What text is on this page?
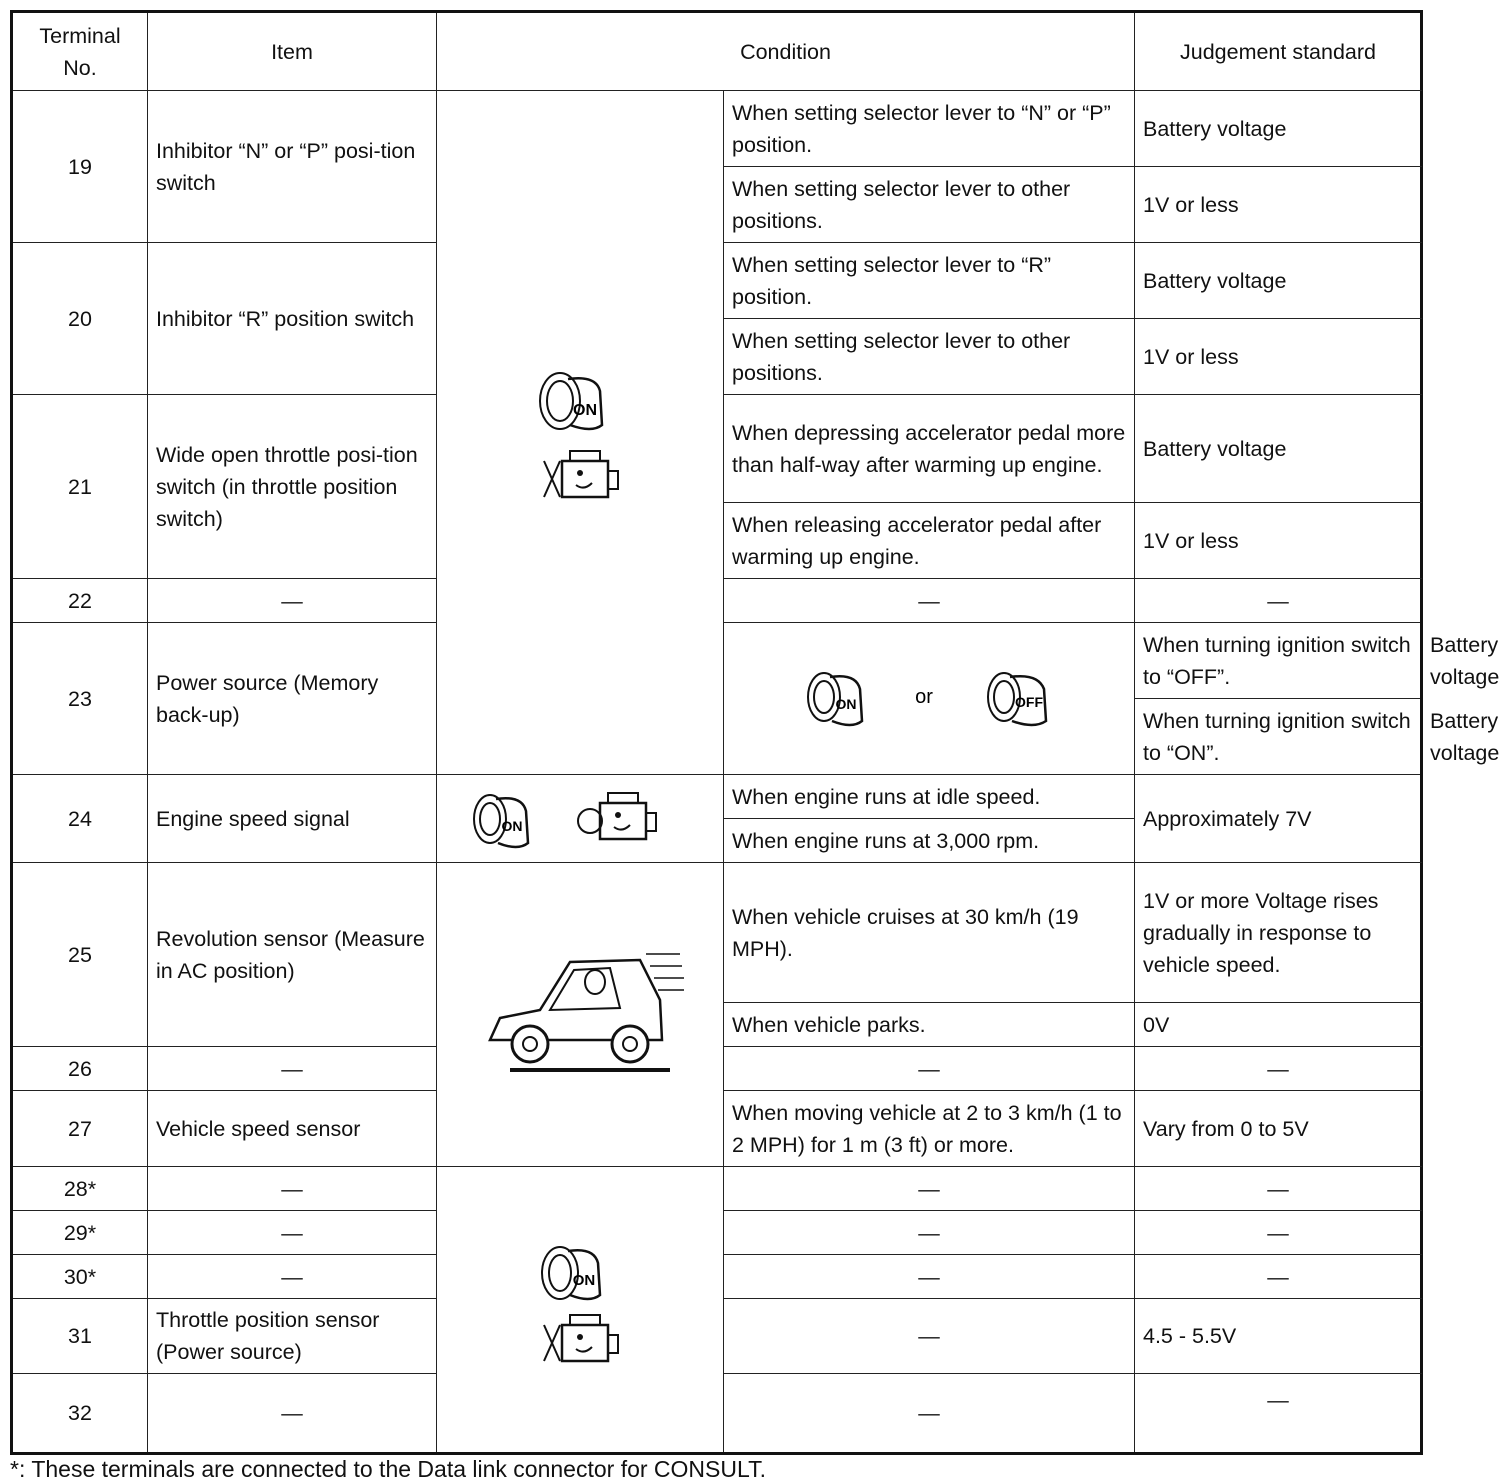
Terminal No.	Item	Condition		Judgement standard	
19	Inhibitor “N” or “P” posi-tion switch	ON	When setting selector lever to “N” or “P” position.	Battery voltage	
			When setting selector lever to other positions.	1V or less	
20	Inhibitor “R” position switch		When setting selector lever to “R” position.	Battery voltage	
			When setting selector lever to other positions.	1V or less	
21	Wide open throttle posi-tion switch (in throttle position switch)		When depressing accelerator pedal more than half-way after warming up engine.	Battery voltage	
			When releasing accelerator pedal after warming up engine.	1V or less	
22	—		—	—	
23	Power source (Memory back-up)		ON or OFF	When turning ignition switch to “OFF”.	Battery voltage
				When turning ignition switch to “ON”.	Battery voltage
24	Engine speed signal	ON	When engine runs at idle speed.	Approximately 7V	
			When engine runs at 3,000 rpm.		
25	Revolution sensor (Measure in AC position)		When vehicle cruises at 30 km/h (19 MPH).	1V or more Voltage rises gradually in response to vehicle speed.	
			When vehicle parks.	0V	
26	—		—	—	
27	Vehicle speed sensor		When moving vehicle at 2 to 3 km/h (1 to 2 MPH) for 1 m (3 ft) or more.	Vary from 0 to 5V	
28*	—	ON	—	—	
29*	—		—	—	
30*	—		—	—	
31	Throttle position sensor (Power source)		—	4.5 - 5.5V	
32	—		—	—	
*: These terminals are connected to the Data link connector for CONSULT.
